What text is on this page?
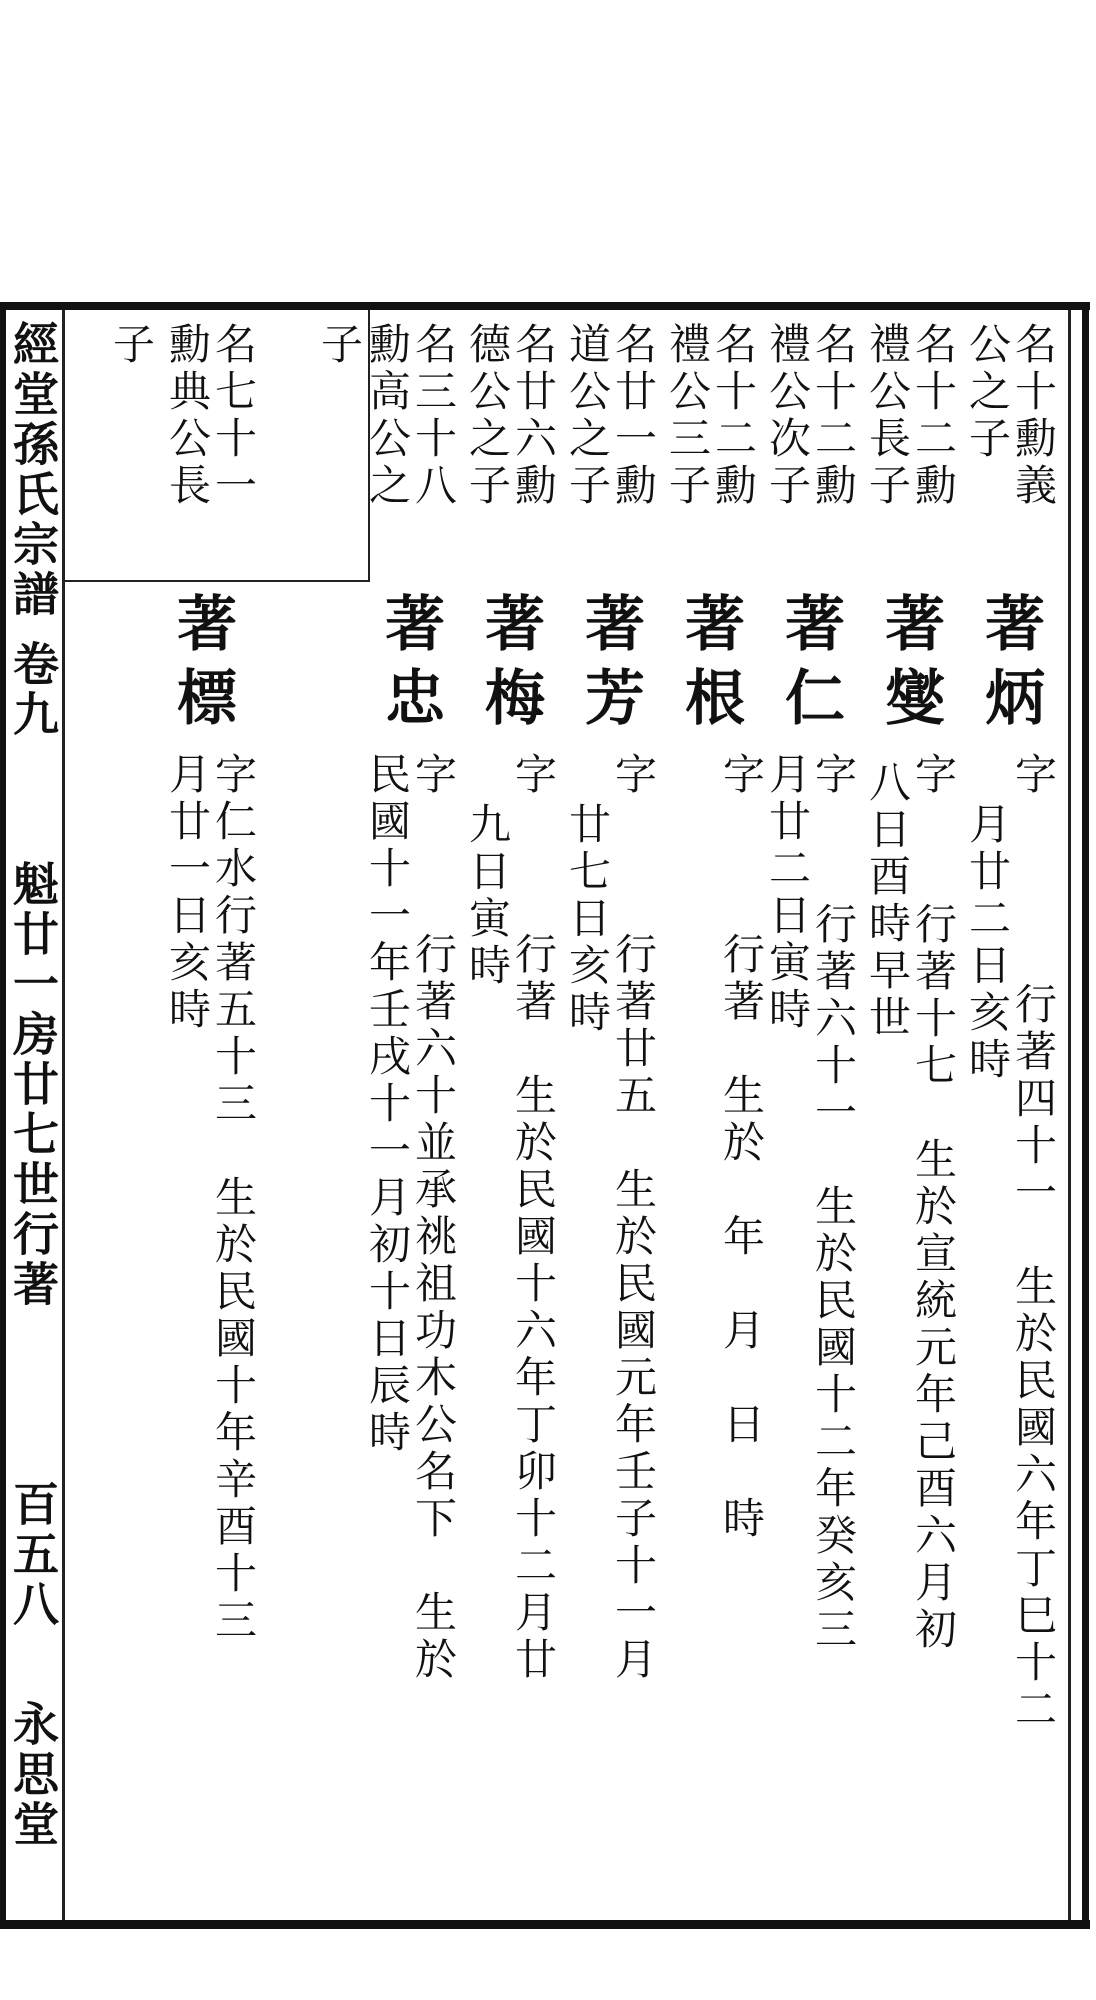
名十勳義

公之子

著炳

字

行著四十一　生於民國六年丁巳十二

月廿二日亥時

名十二勳

禮公長子

著燮

字

行著十七　生於宣統元年己酉六月初

八日酉時早世

名十二勳

禮公次子

著仁

字

行著六十一　生於民國十二年癸亥三

月廿二日寅時

名十二勳

禮公三子

著根

字

行著　生於　年　月　日　時

名廿一勳

道公之子

著芳

字

行著廿五　生於民國元年壬子十一月

廿七日亥時

名廿六勳

德公之子

著梅

字

行著　生於民國十六年丁卯十二月廿

九日寅時

名三十八

勳高公之

子

著忠

字

行著六十並承祧祖功木公名下　生於

民國十一年壬戌十一月初十日辰時

名七十一

勳典公長

子

著標

字仁水行著五十三　生於民國十年辛酉十三

月廿一日亥時

經堂孫氏宗譜

卷九

魁廿一房廿七世行著

百五八

永思堂
